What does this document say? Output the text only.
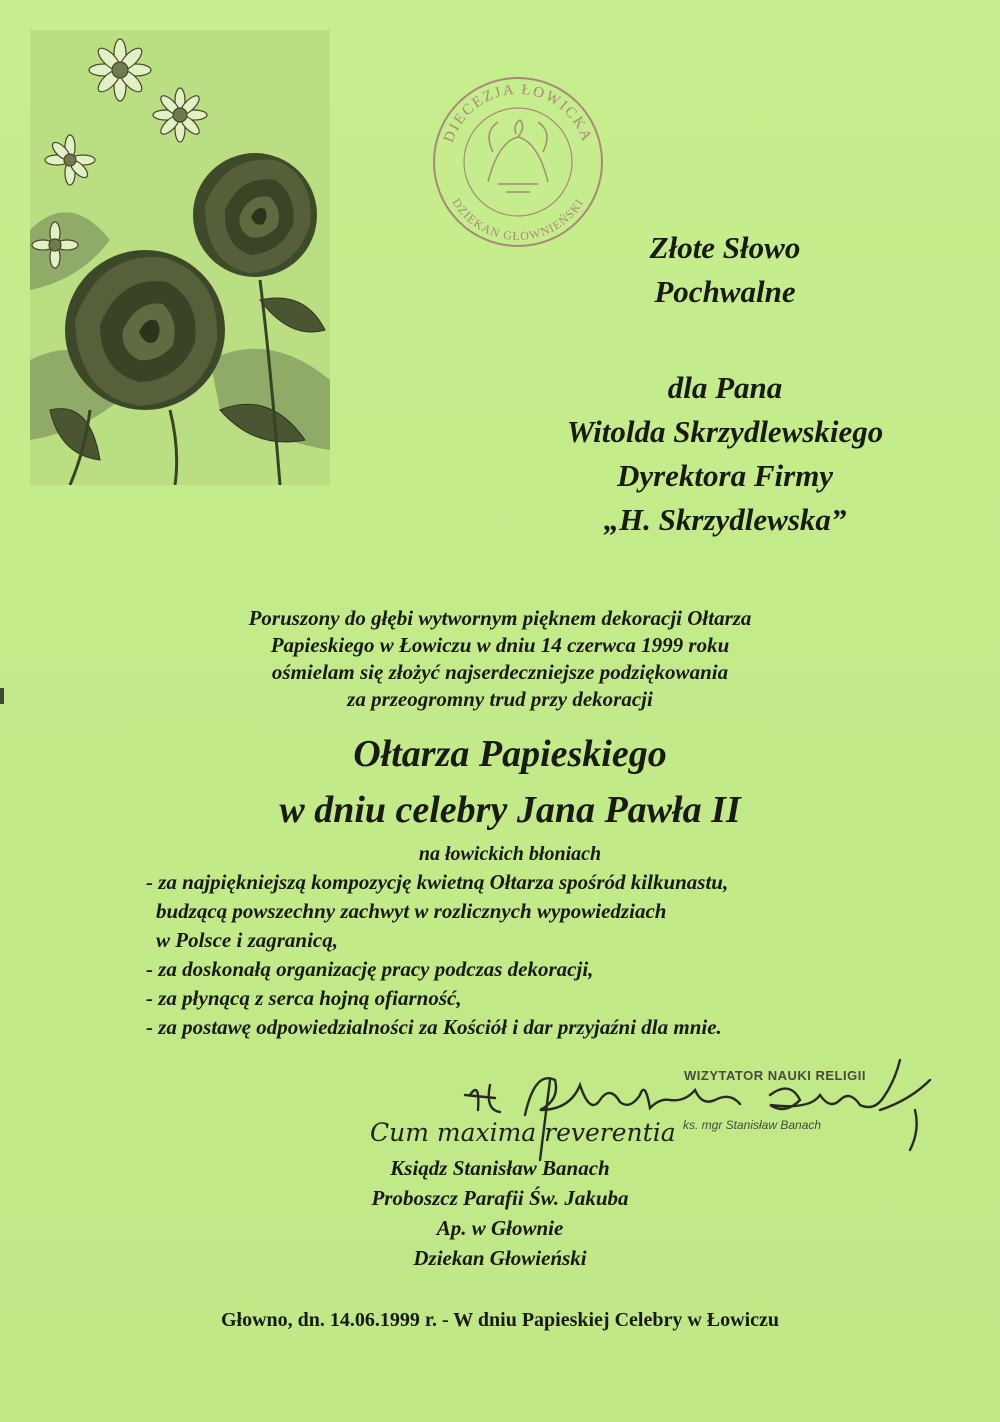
DIECEZJA ŁOWICKA
DZIEKAN GŁOWNIEŃSKI
Złote Słowo
Pochwalne
dla Pana
Witolda Skrzydlewskiego
Dyrektora Firmy
„H. Skrzydlewska”
Poruszony do głębi wytwornym pięknem dekoracji Ołtarza
Papieskiego w Łowiczu w dniu 14 czerwca 1999 roku
ośmielam się złożyć najserdeczniejsze podziękowania
za przeogromny trud przy dekoracji
Ołtarza Papieskiego
w dniu celebry Jana Pawła II
na łowickich błoniach
- za najpiękniejszą kompozycję kwietną Ołtarza spośród kilkunastu,
budzącą powszechny zachwyt w rozlicznych wypowiedziach
w Polsce i zagranicą,
- za doskonałą organizację pracy podczas dekoracji,
- za płynącą z serca hojną ofiarność,
- za postawę odpowiedzialności za Kościół i dar przyjaźni dla mnie.
WIZYTATOR NAUKI RELIGII
ks. mgr Stanisław Banach
Cum maxima reverentia
Ksiądz Stanisław Banach
Proboszcz Parafii Św. Jakuba
Ap. w Głownie
Dziekan Głowieński
Głowno, dn. 14.06.1999 r. - W dniu Papieskiej Celebry w Łowiczu
